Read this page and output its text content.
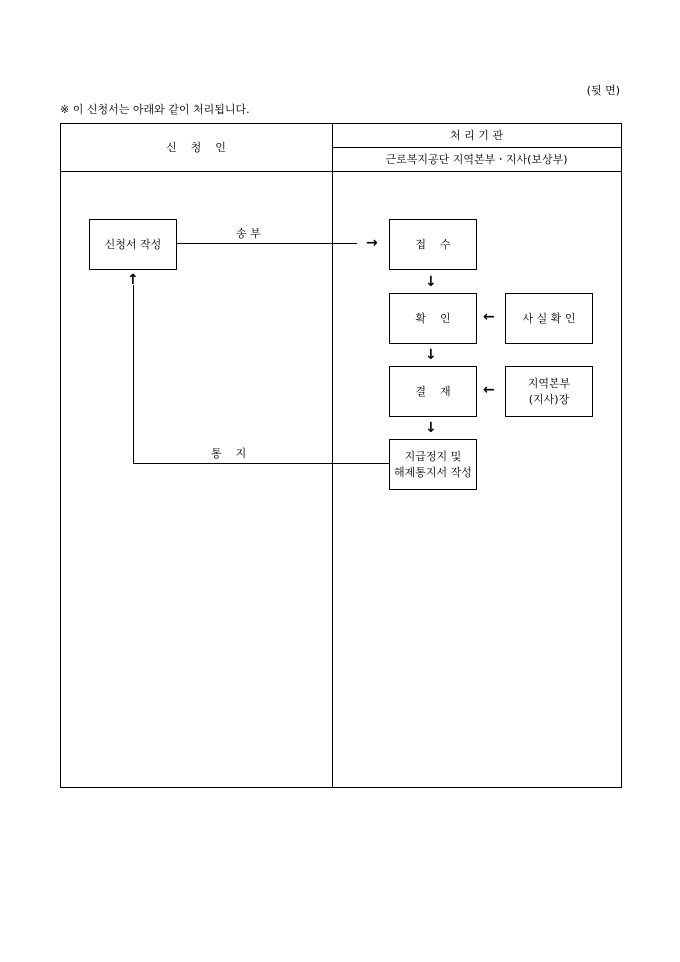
(뒷 면)
※ 이 신청서는 아래와 같이 처리됩니다.
신    청    인
처 리 기 관
근로복지공단 지역본부ㆍ지사(보상부)
신청서 작성
송 부
→	접    수
↓
확    인 ←	사 실 확 인
↓
결    재 ←	지역본부
(지사)장
↓
지급정지 및
해제통지서 작성
통    지
↑
